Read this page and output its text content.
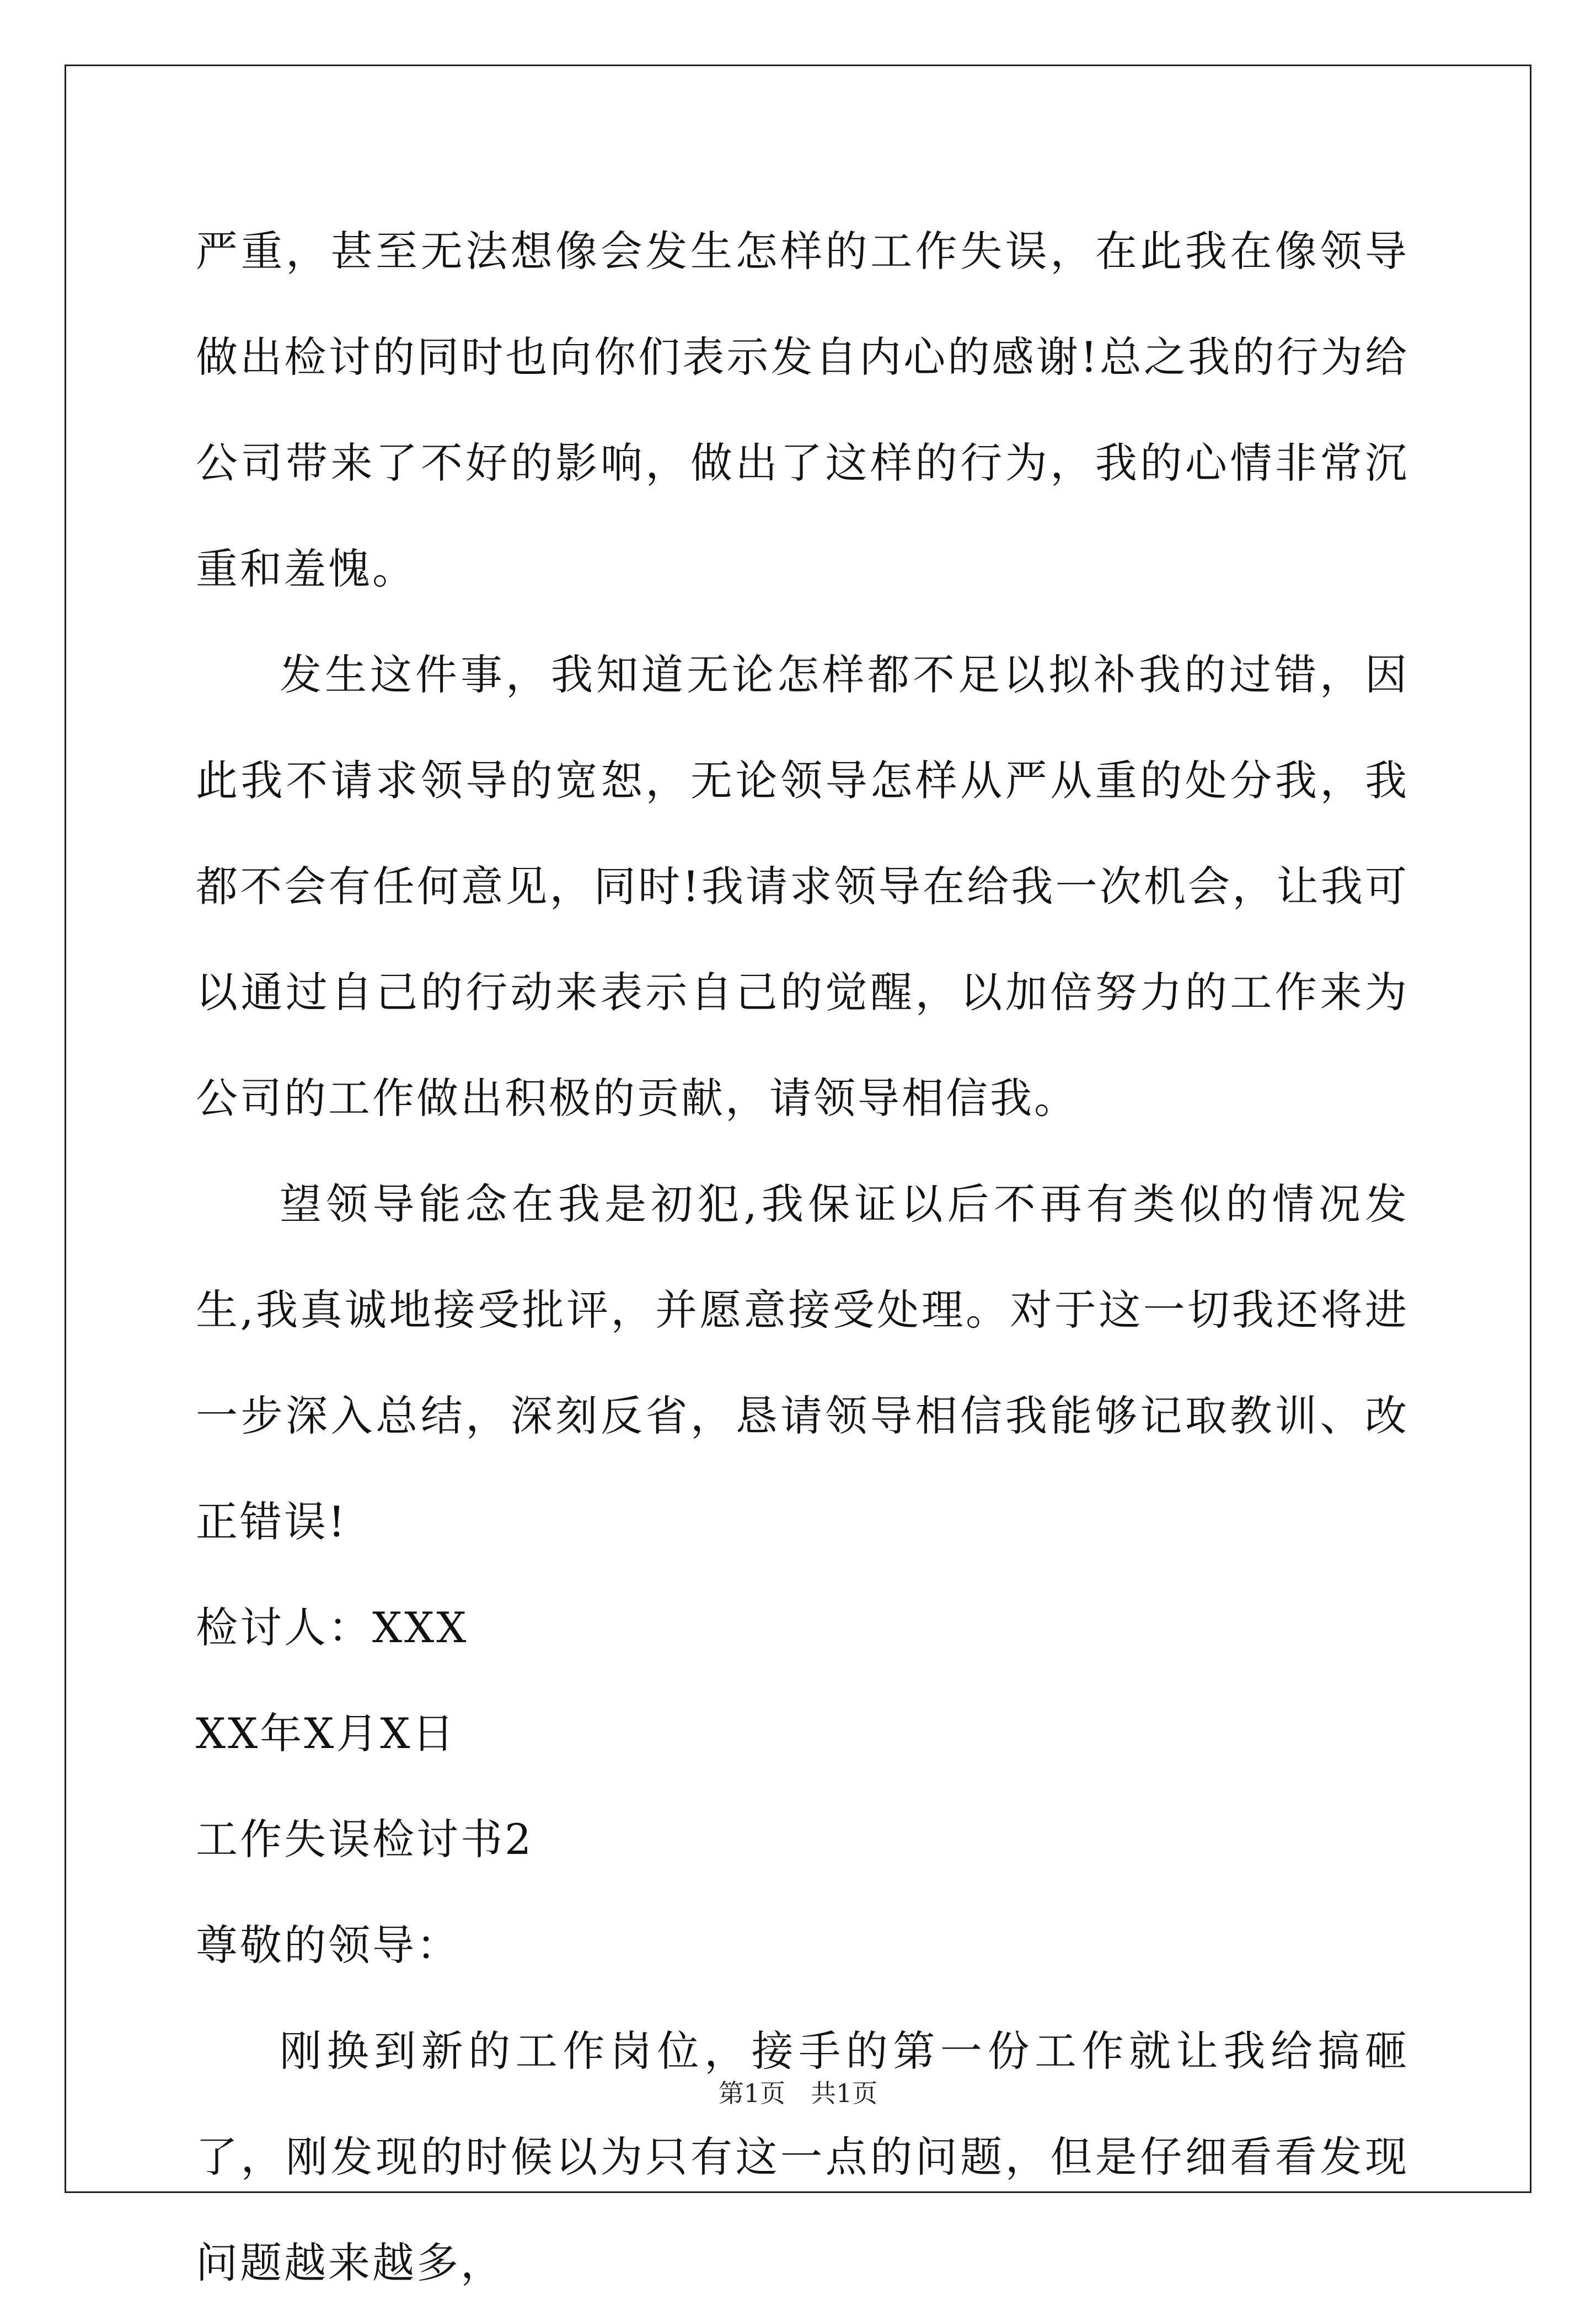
严重，甚至无法想像会发生怎样的工作失误，在此我在像领导做出检讨的同时也向你们表示发自内心的感谢!总之我的行为给公司带来了不好的影响，做出了这样的行为，我的心情非常沉重和羞愧。

发生这件事，我知道无论怎样都不足以拟补我的过错，因此我不请求领导的宽恕，无论领导怎样从严从重的处分我，我都不会有任何意见，同时!我请求领导在给我一次机会，让我可以通过自己的行动来表示自己的觉醒，以加倍努力的工作来为公司的工作做出积极的贡献，请领导相信我。

望领导能念在我是初犯,我保证以后不再有类似的情况发生,我真诚地接受批评，并愿意接受处理。对于这一切我还将进一步深入总结，深刻反省，恳请领导相信我能够记取教训、改正错误!

检讨人：XXX

XX年X月X日

工作失误检讨书2

尊敬的领导：

刚换到新的工作岗位，接手的第一份工作就让我给搞砸了，刚发现的时候以为只有这一点的问题，但是仔细看看发现问题越来越多，

第1页　共1页
